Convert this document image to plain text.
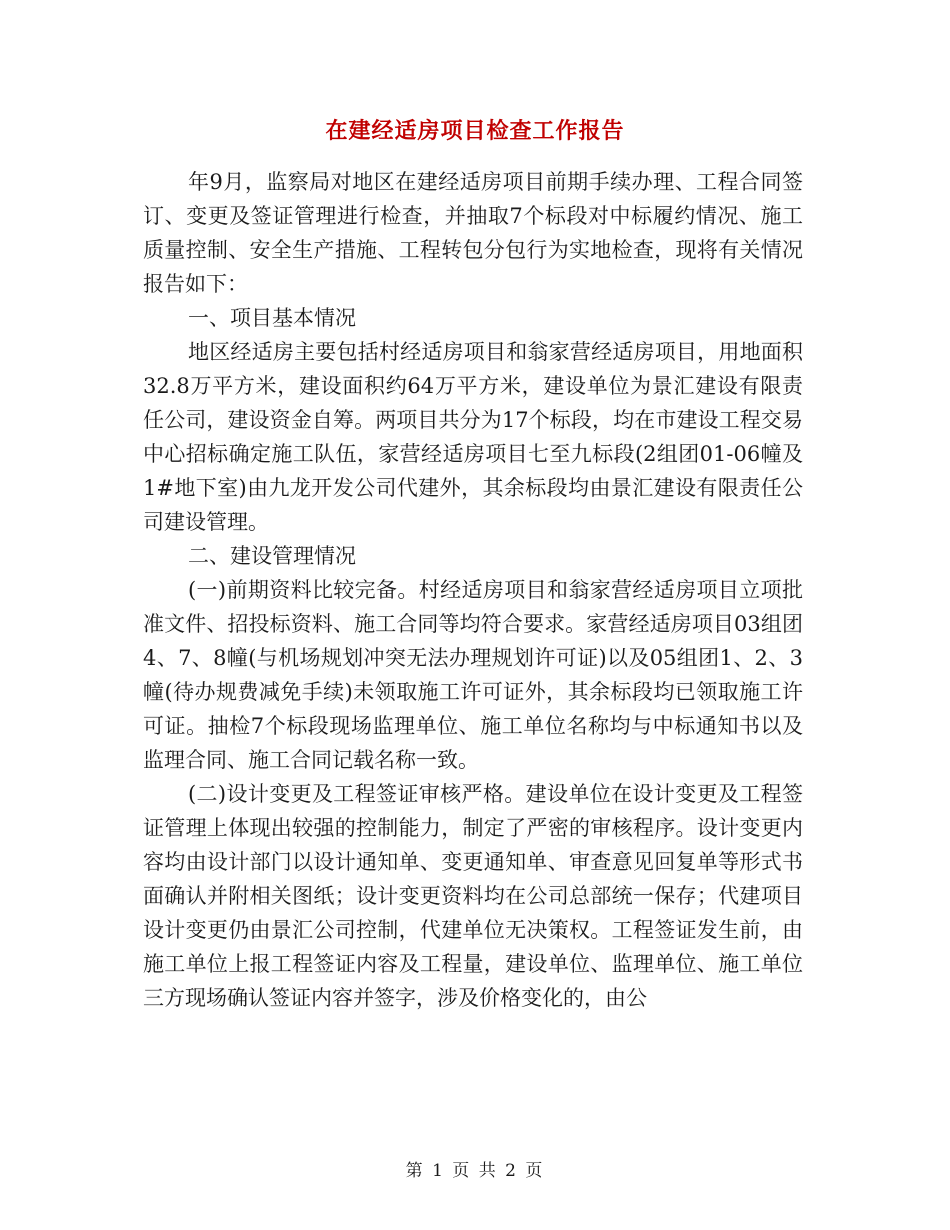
在建经适房项目检查工作报告

年9月，监察局对地区在建经适房项目前期手续办理、工程合同签订、变更及签证管理进行检查，并抽取7个标段对中标履约情况、施工质量控制、安全生产措施、工程转包分包行为实地检查，现将有关情况报告如下：

一、项目基本情况

地区经适房主要包括村经适房项目和翁家营经适房项目，用地面积32.8万平方米，建设面积约64万平方米，建设单位为景汇建设有限责任公司，建设资金自筹。两项目共分为17个标段，均在市建设工程交易中心招标确定施工队伍，家营经适房项目七至九标段(2组团01-06幢及1#地下室)由九龙开发公司代建外，其余标段均由景汇建设有限责任公司建设管理。

二、建设管理情况

(一)前期资料比较完备。村经适房项目和翁家营经适房项目立项批准文件、招投标资料、施工合同等均符合要求。家营经适房项目03组团4、7、8幢(与机场规划冲突无法办理规划许可证)以及05组团1、2、3幢(待办规费减免手续)未领取施工许可证外，其余标段均已领取施工许可证。抽检7个标段现场监理单位、施工单位名称均与中标通知书以及监理合同、施工合同记载名称一致。

(二)设计变更及工程签证审核严格。建设单位在设计变更及工程签证管理上体现出较强的控制能力，制定了严密的审核程序。设计变更内容均由设计部门以设计通知单、变更通知单、审查意见回复单等形式书面确认并附相关图纸；设计变更资料均在公司总部统一保存；代建项目设计变更仍由景汇公司控制，代建单位无决策权。工程签证发生前，由施工单位上报工程签证内容及工程量，建设单位、监理单位、施工单位三方现场确认签证内容并签字，涉及价格变化的，由公

第 1 页 共 2 页
